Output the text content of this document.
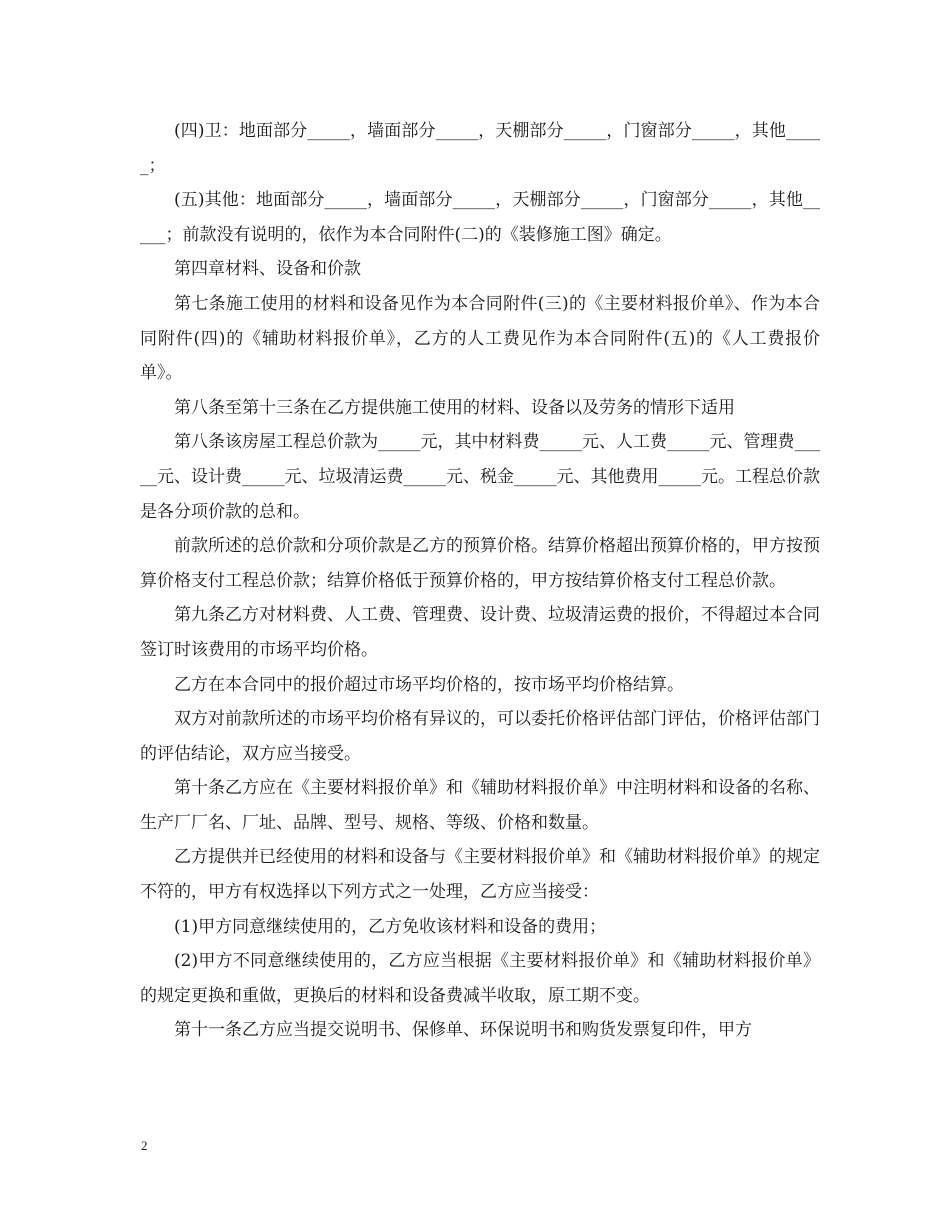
(四)卫：地面部分_____，墙面部分_____，天棚部分_____，门窗部分_____，其他_____；

(五)其他：地面部分_____，墙面部分_____，天棚部分_____，门窗部分_____，其他_____；前款没有说明的，依作为本合同附件(二)的《装修施工图》确定。

第四章材料、设备和价款

第七条施工使用的材料和设备见作为本合同附件(三)的《主要材料报价单》、作为本合同附件(四)的《辅助材料报价单》，乙方的人工费见作为本合同附件(五)的《人工费报价单》。

第八条至第十三条在乙方提供施工使用的材料、设备以及劳务的情形下适用

第八条该房屋工程总价款为_____元，其中材料费_____元、人工费_____元、管理费_____元、设计费_____元、垃圾清运费_____元、税金_____元、其他费用_____元。工程总价款是各分项价款的总和。

前款所述的总价款和分项价款是乙方的预算价格。结算价格超出预算价格的，甲方按预算价格支付工程总价款；结算价格低于预算价格的，甲方按结算价格支付工程总价款。

第九条乙方对材料费、人工费、管理费、设计费、垃圾清运费的报价，不得超过本合同签订时该费用的市场平均价格。

乙方在本合同中的报价超过市场平均价格的，按市场平均价格结算。

双方对前款所述的市场平均价格有异议的，可以委托价格评估部门评估，价格评估部门的评估结论，双方应当接受。

第十条乙方应在《主要材料报价单》和《辅助材料报价单》中注明材料和设备的名称、生产厂厂名、厂址、品牌、型号、规格、等级、价格和数量。

乙方提供并已经使用的材料和设备与《主要材料报价单》和《辅助材料报价单》的规定不符的，甲方有权选择以下列方式之一处理，乙方应当接受：

(1)甲方同意继续使用的，乙方免收该材料和设备的费用；

(2)甲方不同意继续使用的，乙方应当根据《主要材料报价单》和《辅助材料报价单》的规定更换和重做，更换后的材料和设备费减半收取，原工期不变。

第十一条乙方应当提交说明书、保修单、环保说明书和购货发票复印件，甲方

2
